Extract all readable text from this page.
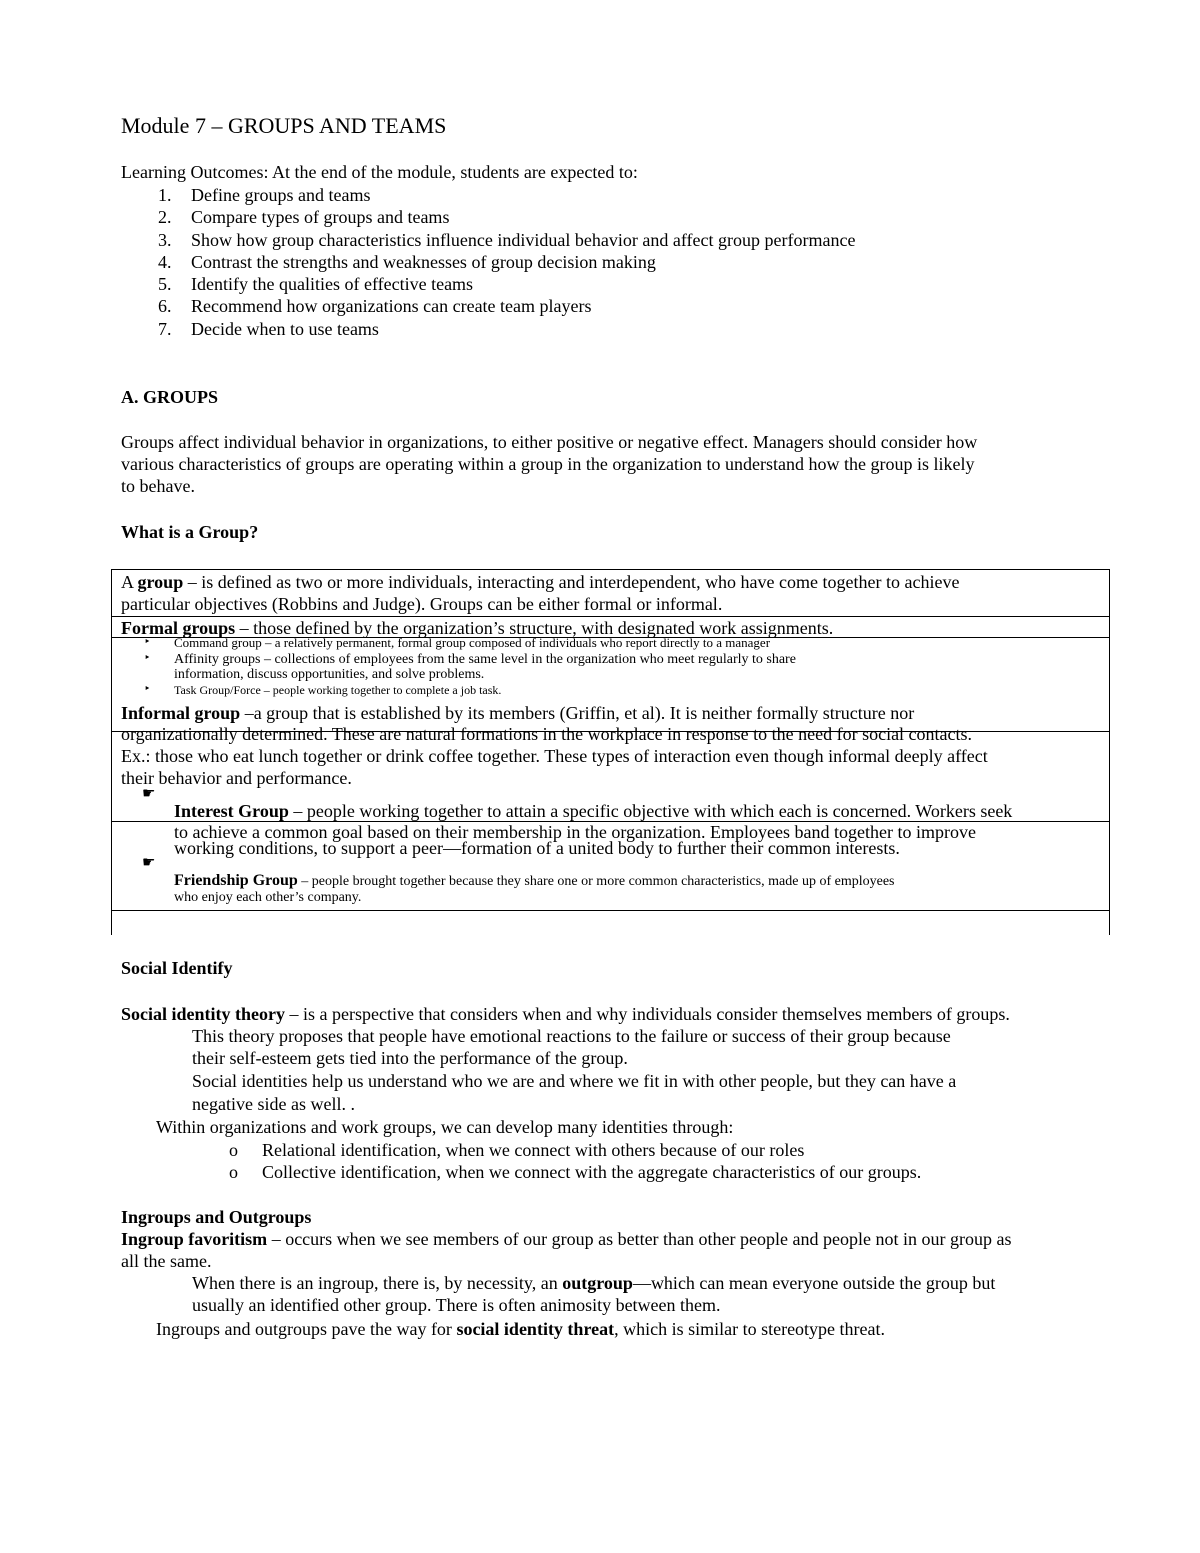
Module 7 – GROUPS AND TEAMS
Learning Outcomes: At the end of the module, students are expected to:
1. Define groups and teams
2. Compare types of groups and teams
3. Show how group characteristics influence individual behavior and affect group performance
4. Contrast the strengths and weaknesses of group decision making
5. Identify the qualities of effective teams
6. Recommend how organizations can create team players
7. Decide when to use teams
A. GROUPS
Groups affect individual behavior in organizations, to either positive or negative effect. Managers should consider how
various characteristics of groups are operating within a group in the organization to understand how the group is likely
to behave.
What is a Group?
A group – is defined as two or more individuals, interacting and interdependent, who have come together to achieve
particular objectives (Robbins and Judge). Groups can be either formal or informal.
Formal groups – those defined by the organization’s structure, with designated work assignments.
‣ Command group – a relatively permanent, formal group composed of individuals who report directly to a manager
‣ Affinity groups – collections of employees from the same level in the organization who meet regularly to share
information, discuss opportunities, and solve problems.
‣ Task Group/Force – people working together to complete a job task.
Informal group –a group that is established by its members (Griffin, et al). It is neither formally structure nor
organizationally determined. These are natural formations in the workplace in response to the need for social contacts.
Ex.: those who eat lunch together or drink coffee together. These types of interaction even though informal deeply affect
their behavior and performance.
☛
Interest Group – people working together to attain a specific objective with which each is concerned. Workers seek
to achieve a common goal based on their membership in the organization. Employees band together to improve
working conditions, to support a peer—formation of a united body to further their common interests.
☛
Friendship Group – people brought together because they share one or more common characteristics, made up of employees
who enjoy each other’s company.
Social Identify
Social identity theory – is a perspective that considers when and why individuals consider themselves members of groups.
This theory proposes that people have emotional reactions to the failure or success of their group because
their self-esteem gets tied into the performance of the group.
Social identities help us understand who we are and where we fit in with other people, but they can have a
negative side as well. .
Within organizations and work groups, we can develop many identities through:
o Relational identification, when we connect with others because of our roles
o Collective identification, when we connect with the aggregate characteristics of our groups.
Ingroups and Outgroups
Ingroup favoritism – occurs when we see members of our group as better than other people and people not in our group as
all the same.
When there is an ingroup, there is, by necessity, an outgroup—which can mean everyone outside the group but
usually an identified other group. There is often animosity between them.
Ingroups and outgroups pave the way for social identity threat, which is similar to stereotype threat.
